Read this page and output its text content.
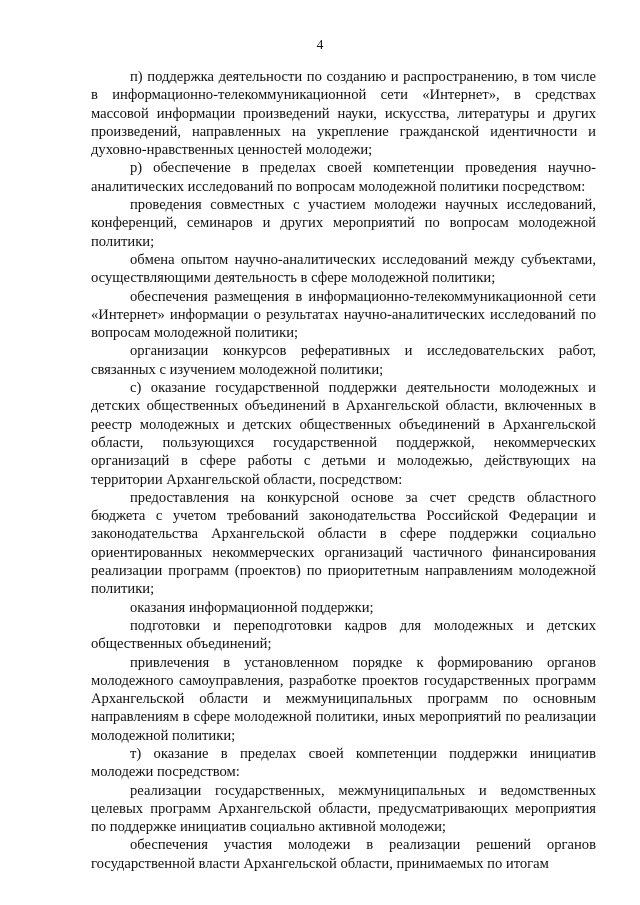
4

п) поддержка деятельности по созданию и распространению, в том числе в информационно-телекоммуникационной сети «Интернет», в средствах массовой информации произведений науки, искусства, литературы и других произведений, направленных на укрепление гражданской идентичности и духовно-нравственных ценностей молодежи;

р) обеспечение в пределах своей компетенции проведения научно-аналитических исследований по вопросам молодежной политики посредством:

проведения совместных с участием молодежи научных исследований, конференций, семинаров и других мероприятий по вопросам молодежной политики;

обмена опытом научно-аналитических исследований между субъектами, осуществляющими деятельность в сфере молодежной политики;

обеспечения размещения в информационно-телекоммуникационной сети «Интернет» информации о результатах научно-аналитических исследований по вопросам молодежной политики;

организации конкурсов реферативных и исследовательских работ, связанных с изучением молодежной политики;

с) оказание государственной поддержки деятельности молодежных и детских общественных объединений в Архангельской области, включенных в реестр молодежных и детских общественных объединений в Архангельской области, пользующихся государственной поддержкой, некоммерческих организаций в сфере работы с детьми и молодежью, действующих на территории Архангельской области, посредством:

предоставления на конкурсной основе за счет средств областного бюджета с учетом требований законодательства Российской Федерации и законодательства Архангельской области в сфере поддержки социально ориентированных некоммерческих организаций частичного финансирования реализации программ (проектов) по приоритетным направлениям молодежной политики;

оказания информационной поддержки;

подготовки и переподготовки кадров для молодежных и детских общественных объединений;

привлечения в установленном порядке к формированию органов молодежного самоуправления, разработке проектов государственных программ Архангельской области и межмуниципальных программ по основным направлениям в сфере молодежной политики, иных мероприятий по реализации молодежной политики;

т) оказание в пределах своей компетенции поддержки инициатив молодежи посредством:

реализации государственных, межмуниципальных и ведомственных целевых программ Архангельской области, предусматривающих мероприятия по поддержке инициатив социально активной молодежи;

обеспечения участия молодежи в реализации решений органов государственной власти Архангельской области, принимаемых по итогам
